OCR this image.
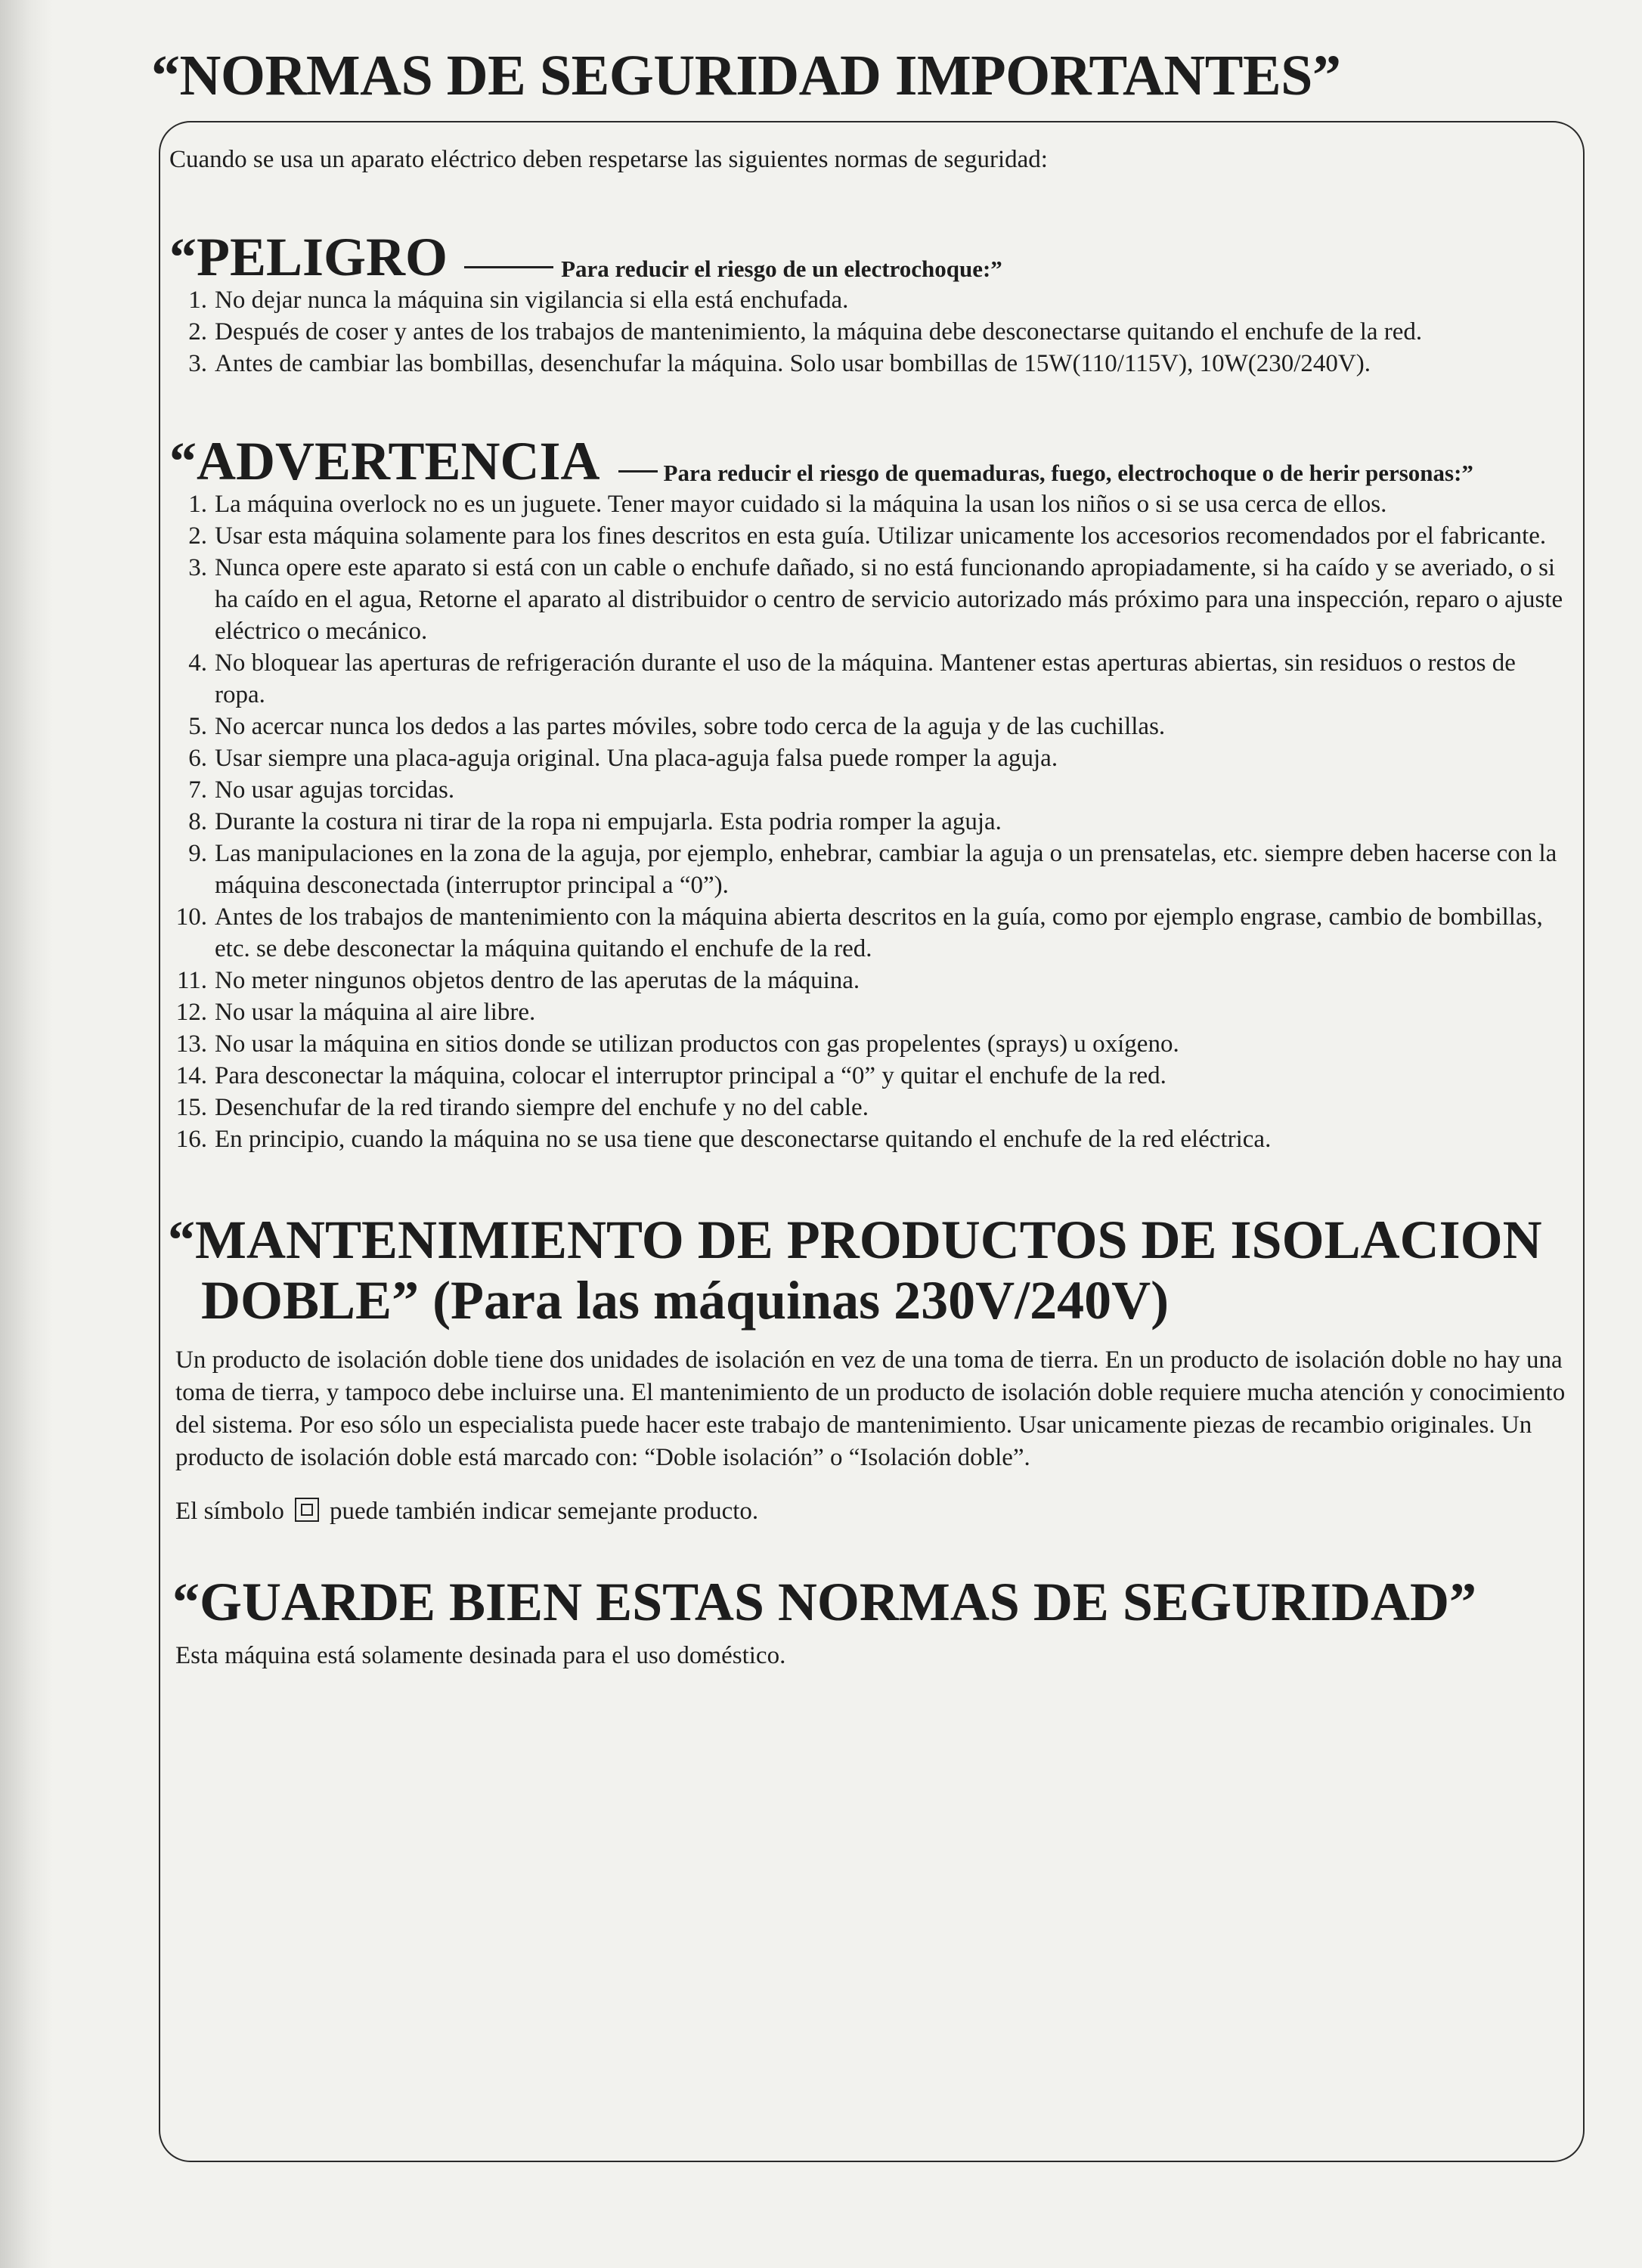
“NORMAS DE SEGURIDAD IMPORTANTES”

Cuando se usa un aparato eléctrico deben respetarse las siguientes normas de seguridad:

“PELIGRO	Para reducir el riesgo de un electrochoque:”
1. No dejar nunca la máquina sin vigilancia si ella está enchufada.
2. Después de coser y antes de los trabajos de mantenimiento, la máquina debe desconectarse quitando el enchufe de la red.
3. Antes de cambiar las bombillas, desenchufar la máquina. Solo usar bombillas de 15W(110/115V), 10W(230/240V).
“ADVERTENCIA	Para reducir el riesgo de quemaduras, fuego, electrochoque o de herir personas:”
1. La máquina overlock no es un juguete. Tener mayor cuidado si la máquina la usan los niños o si se usa cerca de ellos.
2. Usar esta máquina solamente para los fines descritos en esta guía. Utilizar unicamente los accesorios recomendados por el fabricante.
3. Nunca opere este aparato si está con un cable o enchufe dañado, si no está funcionando apropiadamente, si ha caído y se averiado, o si ha caído en el agua, Retorne el aparato al distribuidor o centro de servicio autorizado más próximo para una inspección, reparo o ajuste eléctrico o mecánico.
4. No bloquear las aperturas de refrigeración durante el uso de la máquina. Mantener estas aperturas abiertas, sin residuos o restos de ropa.
5. No acercar nunca los dedos a las partes móviles, sobre todo cerca de la aguja y de las cuchillas.
6. Usar siempre una placa-aguja original. Una placa-aguja falsa puede romper la aguja.
7. No usar agujas torcidas.
8. Durante la costura ni tirar de la ropa ni empujarla. Esta podria romper la aguja.
9. Las manipulaciones en la zona de la aguja, por ejemplo, enhebrar, cambiar la aguja o un prensatelas, etc. siempre deben hacerse con la máquina desconectada (interruptor principal a “0”).
10. Antes de los trabajos de mantenimiento con la máquina abierta descritos en la guía, como por ejemplo engrase, cambio de bombillas, etc. se debe desconectar la máquina quitando el enchufe de la red.
11. No meter ningunos objetos dentro de las aperutas de la máquina.
12. No usar la máquina al aire libre.
13. No usar la máquina en sitios donde se utilizan productos con gas propelentes (sprays) u oxígeno.
14. Para desconectar la máquina, colocar el interruptor principal a “0” y quitar el enchufe de la red.
15. Desenchufar de la red tirando siempre del enchufe y no del cable.
16. En principio, cuando la máquina no se usa tiene que desconectarse quitando el enchufe de la red eléctrica.
“MANTENIMIENTO DE PRODUCTOS DE ISOLACION
DOBLE” (Para las máquinas 230V/240V)

Un producto de isolación doble tiene dos unidades de isolación en vez de una toma de tierra. En un producto de isolación doble no hay una toma de tierra, y tampoco debe incluirse una. El mantenimiento de un producto de isolación doble requiere mucha atención y conocimiento del sistema. Por eso sólo un especialista puede hacer este trabajo de mantenimiento. Usar unicamente piezas de recambio originales. Un producto de isolación doble está marcado con: “Doble isolación” o “Isolación doble”.

El símbolo puede también indicar semejante producto.

“GUARDE BIEN ESTAS NORMAS DE SEGURIDAD”

Esta máquina está solamente desinada para el uso doméstico.
